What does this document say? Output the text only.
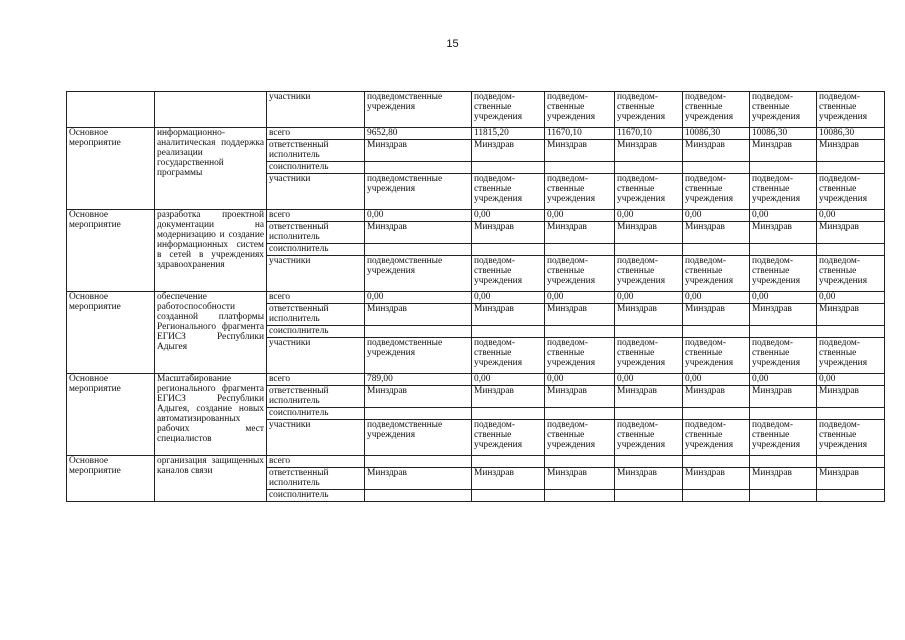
15
		участники	подведомственные учреждения	подведом-ственные учреждения	подведом-ственные учреждения	подведом-ственные учреждения	подведом-ственные учреждения	подведом-ственные учреждения	подведом-ственные учреждения
Основное мероприятие	информационно-аналитическая поддержка реализации государственной программы	всего	9652,80	11815,20	11670,10	11670,10	10086,30	10086,30	10086,30
		ответственный исполнитель	Минздрав	Минздрав	Минздрав	Минздрав	Минздрав	Минздрав	Минздрав
		соисполнитель							
		участники	подведомственные учреждения	подведом-ственные учреждения	подведом-ственные учреждения	подведом-ственные учреждения	подведом-ственные учреждения	подведом-ственные учреждения	подведом-ственные учреждения
Основное мероприятие	разработка проектной документации на модернизацию и создание информационных систем в сетей в учреждениях здравоохранения	всего	0,00	0,00	0,00	0,00	0,00	0,00	0,00
		ответственный исполнитель	Минздрав	Минздрав	Минздрав	Минздрав	Минздрав	Минздрав	Минздрав
		соисполнитель							
		участники	подведомственные учреждения	подведом-ственные учреждения	подведом-ственные учреждения	подведом-ственные учреждения	подведом-ственные учреждения	подведом-ственные учреждения	подведом-ственные учреждения
Основное мероприятие	обеспечение работоспособности созданной платформы Регионального фрагмента ЕГИСЗ Республики Адыгея	всего	0,00	0,00	0,00	0,00	0,00	0,00	0,00
		ответственный исполнитель	Минздрав	Минздрав	Минздрав	Минздрав	Минздрав	Минздрав	Минздрав
		соисполнитель							
		участники	подведомственные учреждения	подведом-ственные учреждения	подведом-ственные учреждения	подведом-ственные учреждения	подведом-ственные учреждения	подведом-ственные учреждения	подведом-ственные учреждения
Основное мероприятие	Масштабирование регионального фрагмента ЕГИСЗ Республики Адыгея, создание новых автоматизированных рабочих мест специалистов	всего	789,00	0,00	0,00	0,00	0,00	0,00	0,00
		ответственный исполнитель	Минздрав	Минздрав	Минздрав	Минздрав	Минздрав	Минздрав	Минздрав
		соисполнитель							
		участники	подведомственные учреждения	подведом-ственные учреждения	подведом-ственные учреждения	подведом-ственные учреждения	подведом-ственные учреждения	подведом-ственные учреждения	подведом-ственные учреждения
Основное мероприятие	организация защищенных каналов связи	всего							
		ответственный исполнитель	Минздрав	Минздрав	Минздрав	Минздрав	Минздрав	Минздрав	Минздрав
		соисполнитель							
